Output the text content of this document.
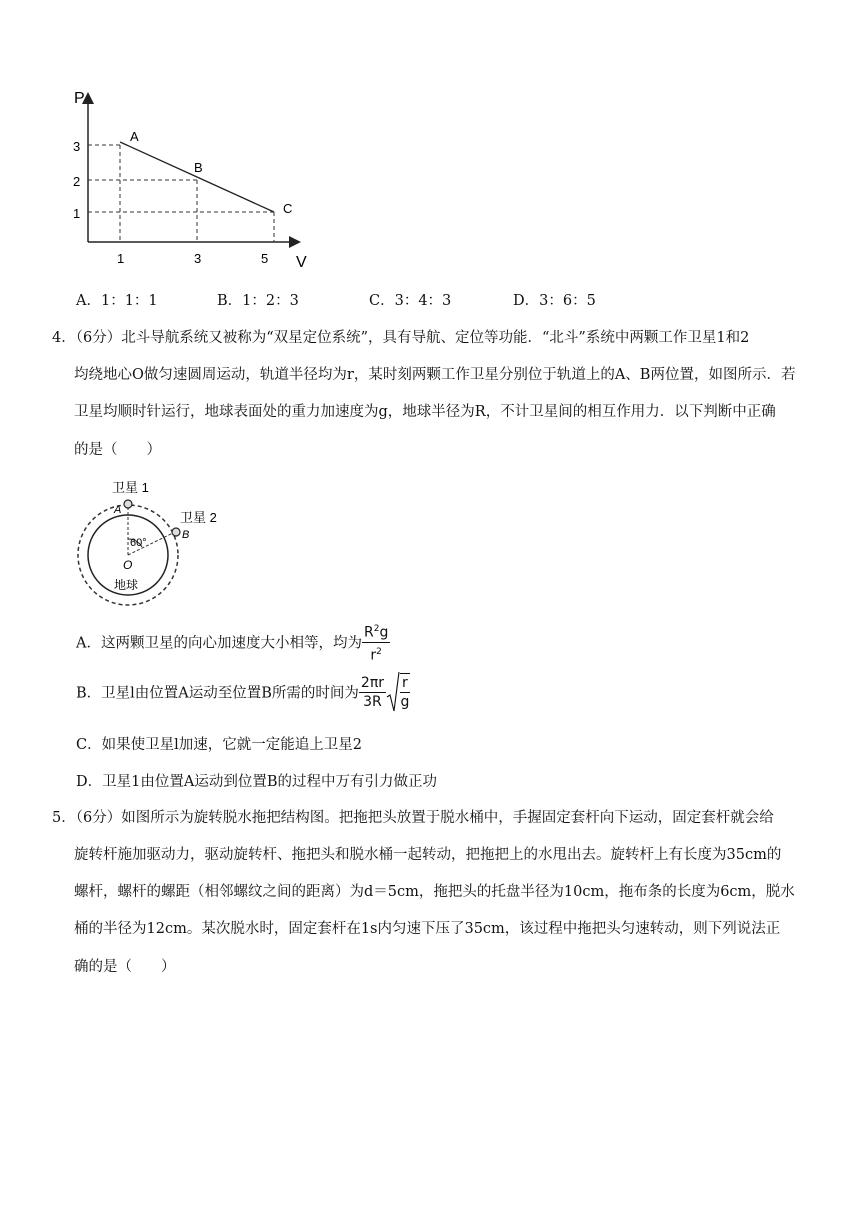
P
V
3
2
1
1	3	5
A
B
C
A．1：1：1	B．1：2：3	C．3：4：3	D．3：6：5
4．（6分）北斗导航系统又被称为“双星定位系统”，具有导航、定位等功能．“北斗”系统中两颗工作卫星1和2
均绕地心O做匀速圆周运动，轨道半径均为r，某时刻两颗工作卫星分别位于轨道上的A、B两位置，如图所示．若
卫星均顺时针运行，地球表面处的重力加速度为g，地球半径为R，不计卫星间的相互作用力．以下判断中正确
的是（　　）
卫星 1
卫星 2
A
B
60°
O
地球
A．这两颗卫星的向心加速度大小相等，均为 $\frac{R^2g}{r^2}$
B．卫星l由位置A运动至位置B所需的时间为 $\frac{2\pi r}{3R} \frac{r}{g}$
C．如果使卫星l加速，它就一定能追上卫星2
D．卫星1由位置A运动到位置B的过程中万有引力做正功
5．（6分）如图所示为旋转脱水拖把结构图。把拖把头放置于脱水桶中，手握固定套杆向下运动，固定套杆就会给
旋转杆施加驱动力，驱动旋转杆、拖把头和脱水桶一起转动，把拖把上的水甩出去。旋转杆上有长度为35cm的
螺杆，螺杆的螺距（相邻螺纹之间的距离）为d＝5cm，拖把头的托盘半径为10cm，拖布条的长度为6cm，脱水
桶的半径为12cm。某次脱水时，固定套杆在1s内匀速下压了35cm，该过程中拖把头匀速转动，则下列说法正
确的是（　　）
